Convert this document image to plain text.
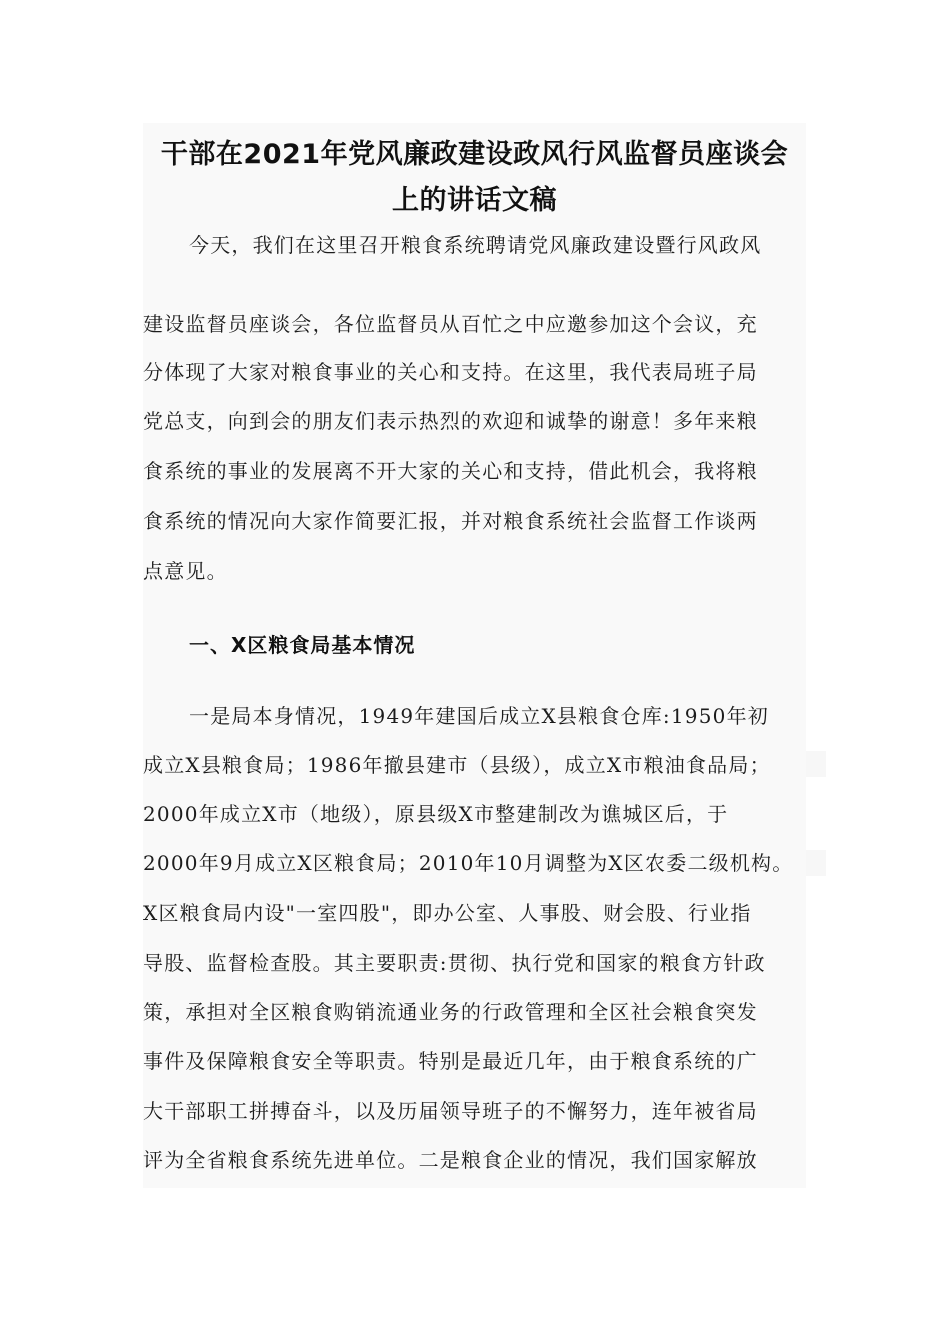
干部在2021年党风廉政建设政风行风监督员座谈会
上的讲话文稿
今天，我们在这里召开粮食系统聘请党风廉政建设暨行风政风
建设监督员座谈会，各位监督员从百忙之中应邀参加这个会议，充
分体现了大家对粮食事业的关心和支持。在这里，我代表局班子局
党总支，向到会的朋友们表示热烈的欢迎和诚挚的谢意！多年来粮
食系统的事业的发展离不开大家的关心和支持，借此机会，我将粮
食系统的情况向大家作简要汇报，并对粮食系统社会监督工作谈两
点意见。
一、X区粮食局基本情况
一是局本身情况，1949年建国后成立X县粮食仓库:1950年初
成立X县粮食局；1986年撤县建市（县级），成立X市粮油食品局；
2000年成立X市（地级），原县级X市整建制改为谯城区后，于
2000年9月成立X区粮食局；2010年10月调整为X区农委二级机构。
X区粮食局内设"一室四股"，即办公室、人事股、财会股、行业指
导股、监督检查股。其主要职责:贯彻、执行党和国家的粮食方针政
策，承担对全区粮食购销流通业务的行政管理和全区社会粮食突发
事件及保障粮食安全等职责。特别是最近几年，由于粮食系统的广
大干部职工拼搏奋斗，以及历届领导班子的不懈努力，连年被省局
评为全省粮食系统先进单位。二是粮食企业的情况，我们国家解放
